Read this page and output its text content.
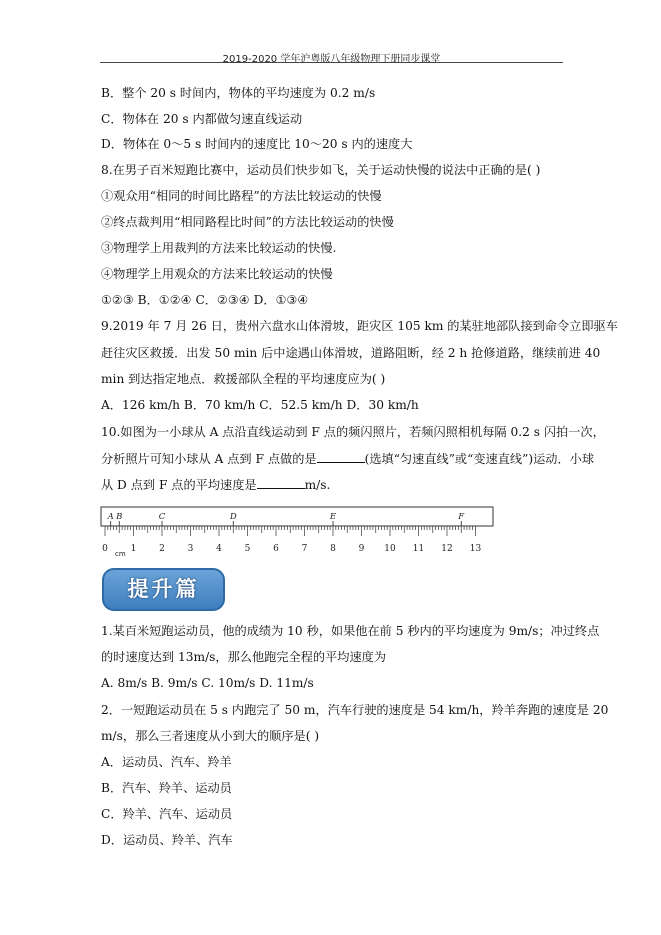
2019-2020 学年沪粤版八年级物理下册同步课堂
B．整个 20 s 时间内，物体的平均速度为 0.2 m/s
C．物体在 20 s 内都做匀速直线运动
D．物体在 0～5 s 时间内的速度比 10～20 s 内的速度大
8.在男子百米短跑比赛中，运动员们快步如飞，关于运动快慢的说法中正确的是( )
①观众用“相同的时间比路程”的方法比较运动的快慢
②终点裁判用“相同路程比时间”的方法比较运动的快慢
③物理学上用裁判的方法来比较运动的快慢.
④物理学上用观众的方法来比较运动的快慢
①②③ B．①②④ C．②③④ D．①③④
9.2019 年 7 月 26 日，贵州六盘水山体滑坡，距灾区 105 km 的某驻地部队接到命令立即驱车
赶往灾区救援．出发 50 min 后中途遇山体滑坡，道路阻断，经 2 h 抢修道路，继续前进 40
min 到达指定地点．救援部队全程的平均速度应为( )
A．126 km/h B．70 km/h C．52.5 km/h D．30 km/h
10.如图为一小球从 A 点沿直线运动到 F 点的频闪照片，若频闪照相机每隔 0.2 s 闪拍一次，
分析照片可知小球从 A 点到 F 点做的是	(选填“匀速直线”或“变速直线”)运动．小球
从 D 点到 F 点的平均速度是	m/s.
A B	C	D	E	F
0	1	2	3	4	5	6	7	8	9 10 11 12 13
cm
提升篇
1.某百米短跑运动员，他的成绩为 10 秒，如果他在前 5 秒内的平均速度为 9m/s；冲过终点
的时速度达到 13m/s，那么他跑完全程的平均速度为
A. 8m/s B. 9m/s C. 10m/s D. 11m/s
2．一短跑运动员在 5 s 内跑完了 50 m，汽车行驶的速度是 54 km/h，羚羊奔跑的速度是 20
m/s，那么三者速度从小到大的顺序是( )
A．运动员、汽车、羚羊
B．汽车、羚羊、运动员
C．羚羊、汽车、运动员
D．运动员、羚羊、汽车
